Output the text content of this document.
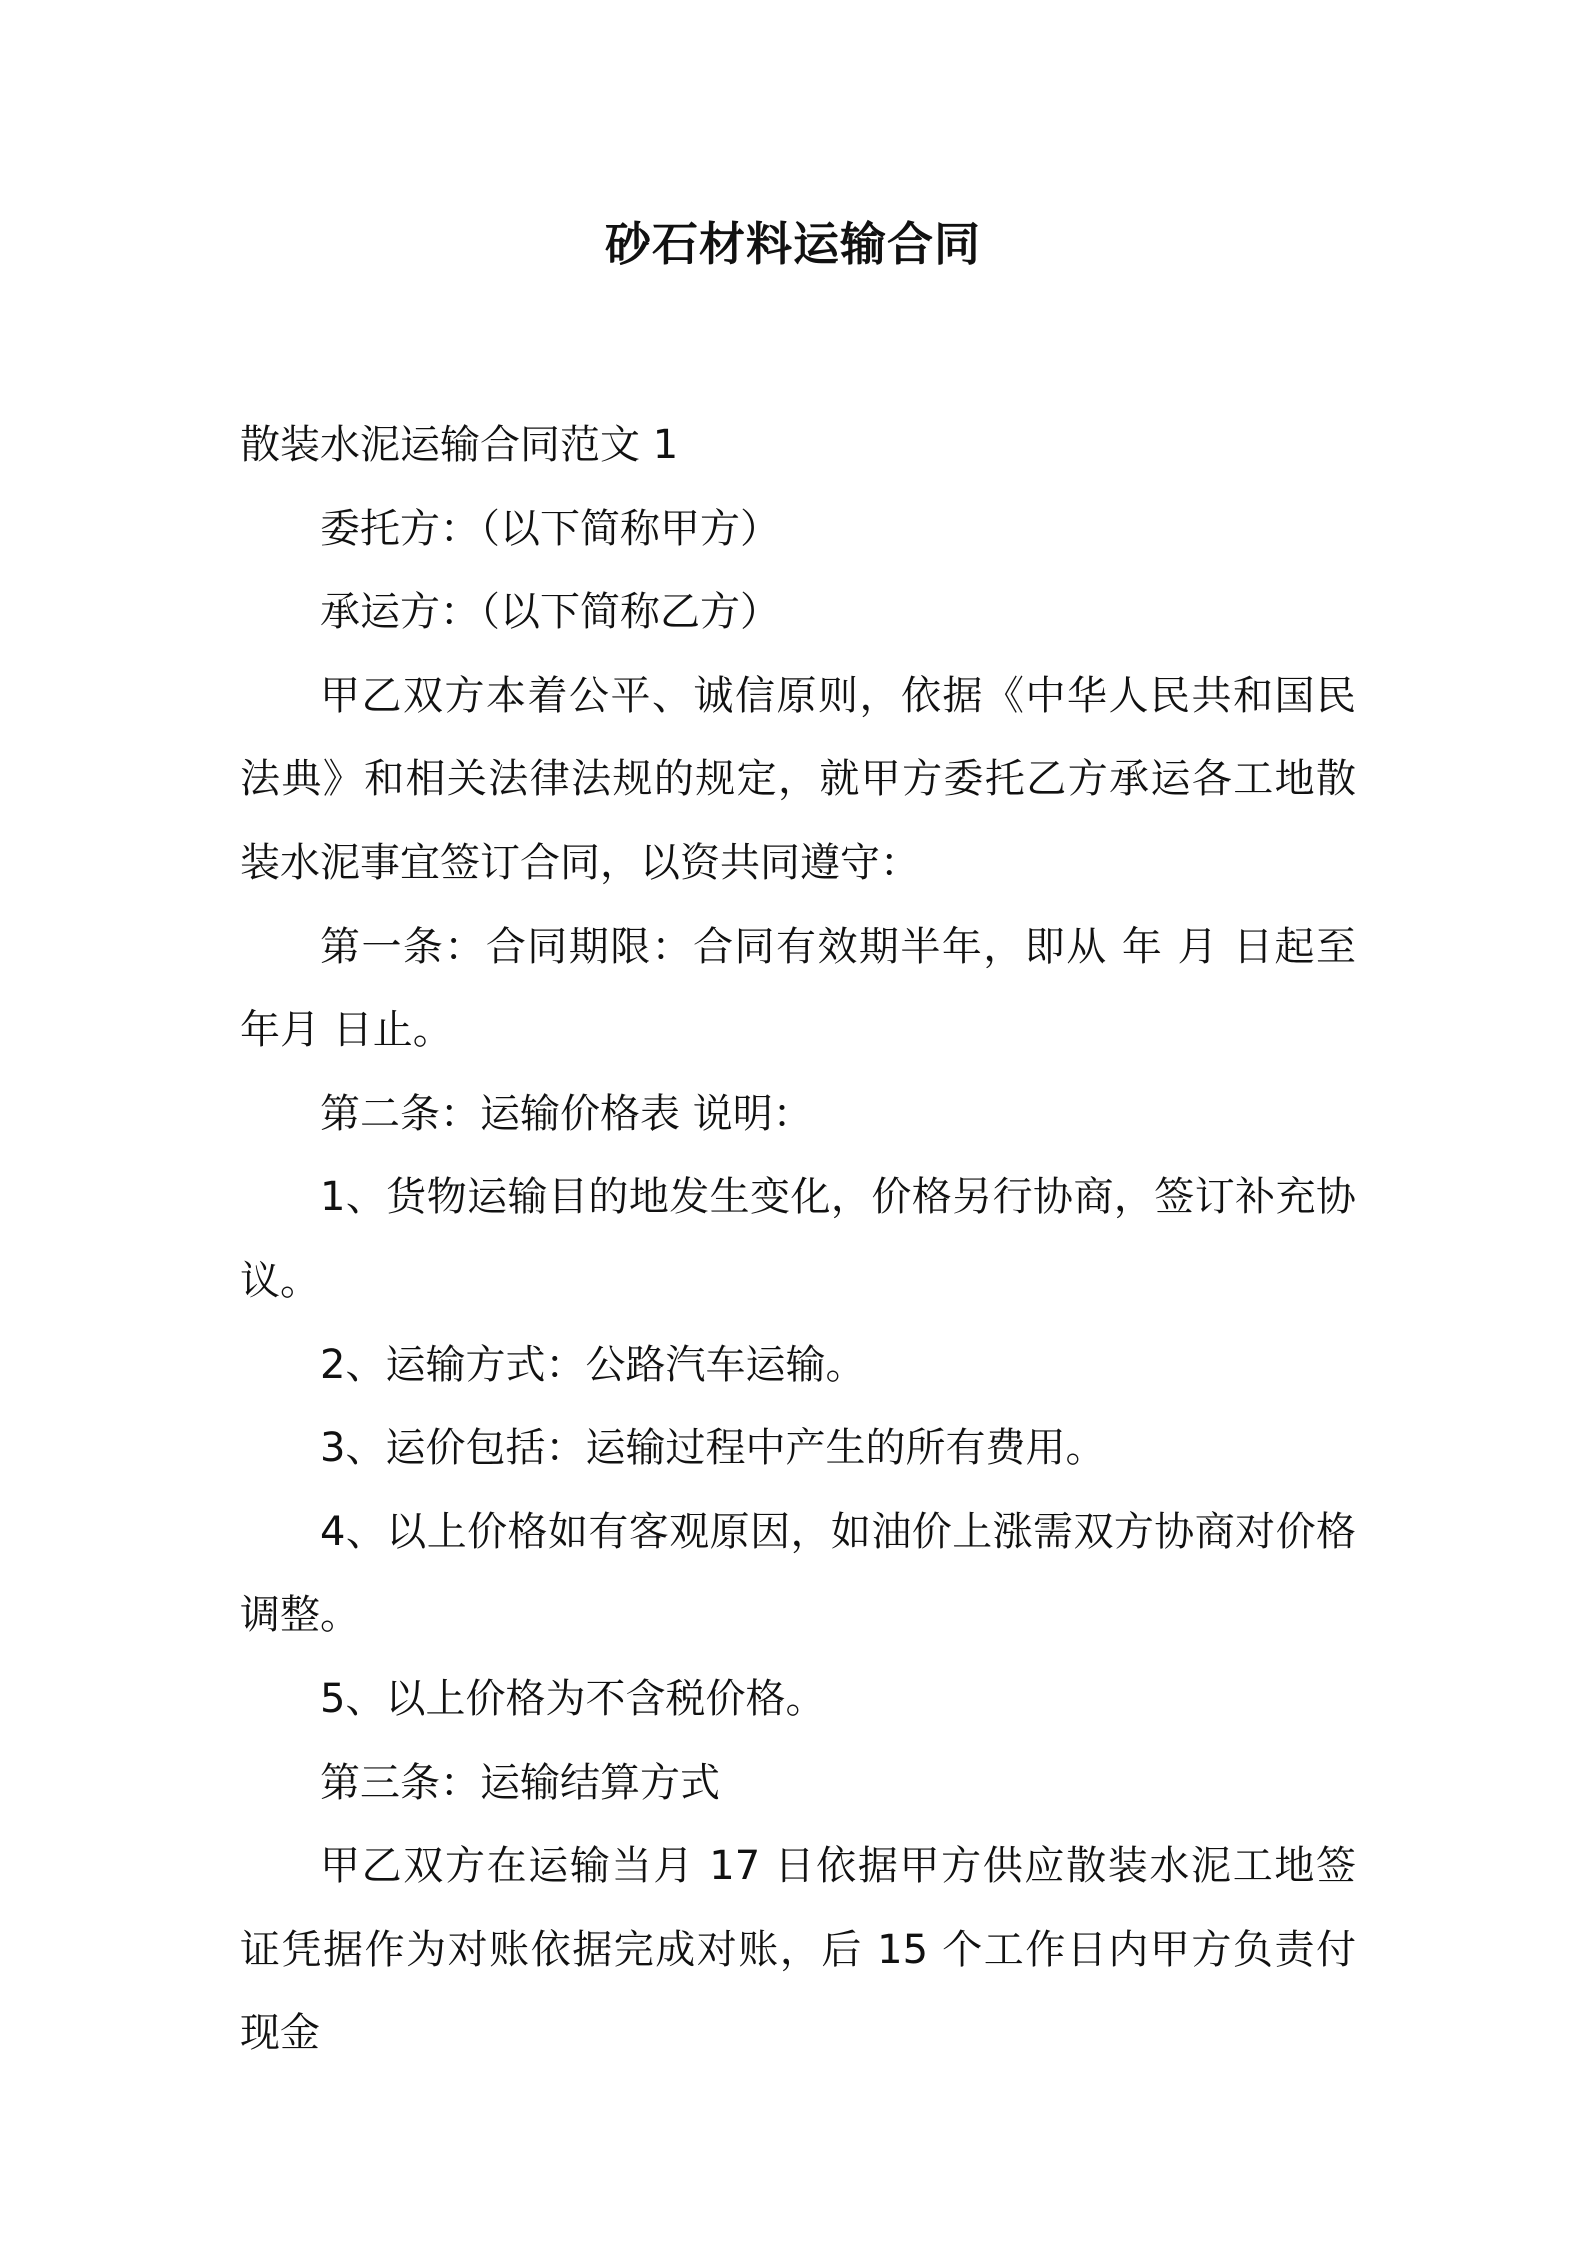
砂石材料运输合同

散装水泥运输合同范文 1

委托方：（以下简称甲方）

承运方：（以下简称乙方）

甲乙双方本着公平、诚信原则，依据《中华人民共和国民法典》和相关法律法规的规定，就甲方委托乙方承运各工地散装水泥事宜签订合同，以资共同遵守：

第一条：合同期限：合同有效期半年，即从 年 月 日起至 年月 日止。

第二条：运输价格表 说明：

1、货物运输目的地发生变化，价格另行协商，签订补充协议。

2、运输方式：公路汽车运输。

3、运价包括：运输过程中产生的所有费用。

4、以上价格如有客观原因，如油价上涨需双方协商对价格调整。

5、以上价格为不含税价格。

第三条：运输结算方式

甲乙双方在运输当月 17 日依据甲方供应散装水泥工地签证凭据作为对账依据完成对账，后 15 个工作日内甲方负责付现金
